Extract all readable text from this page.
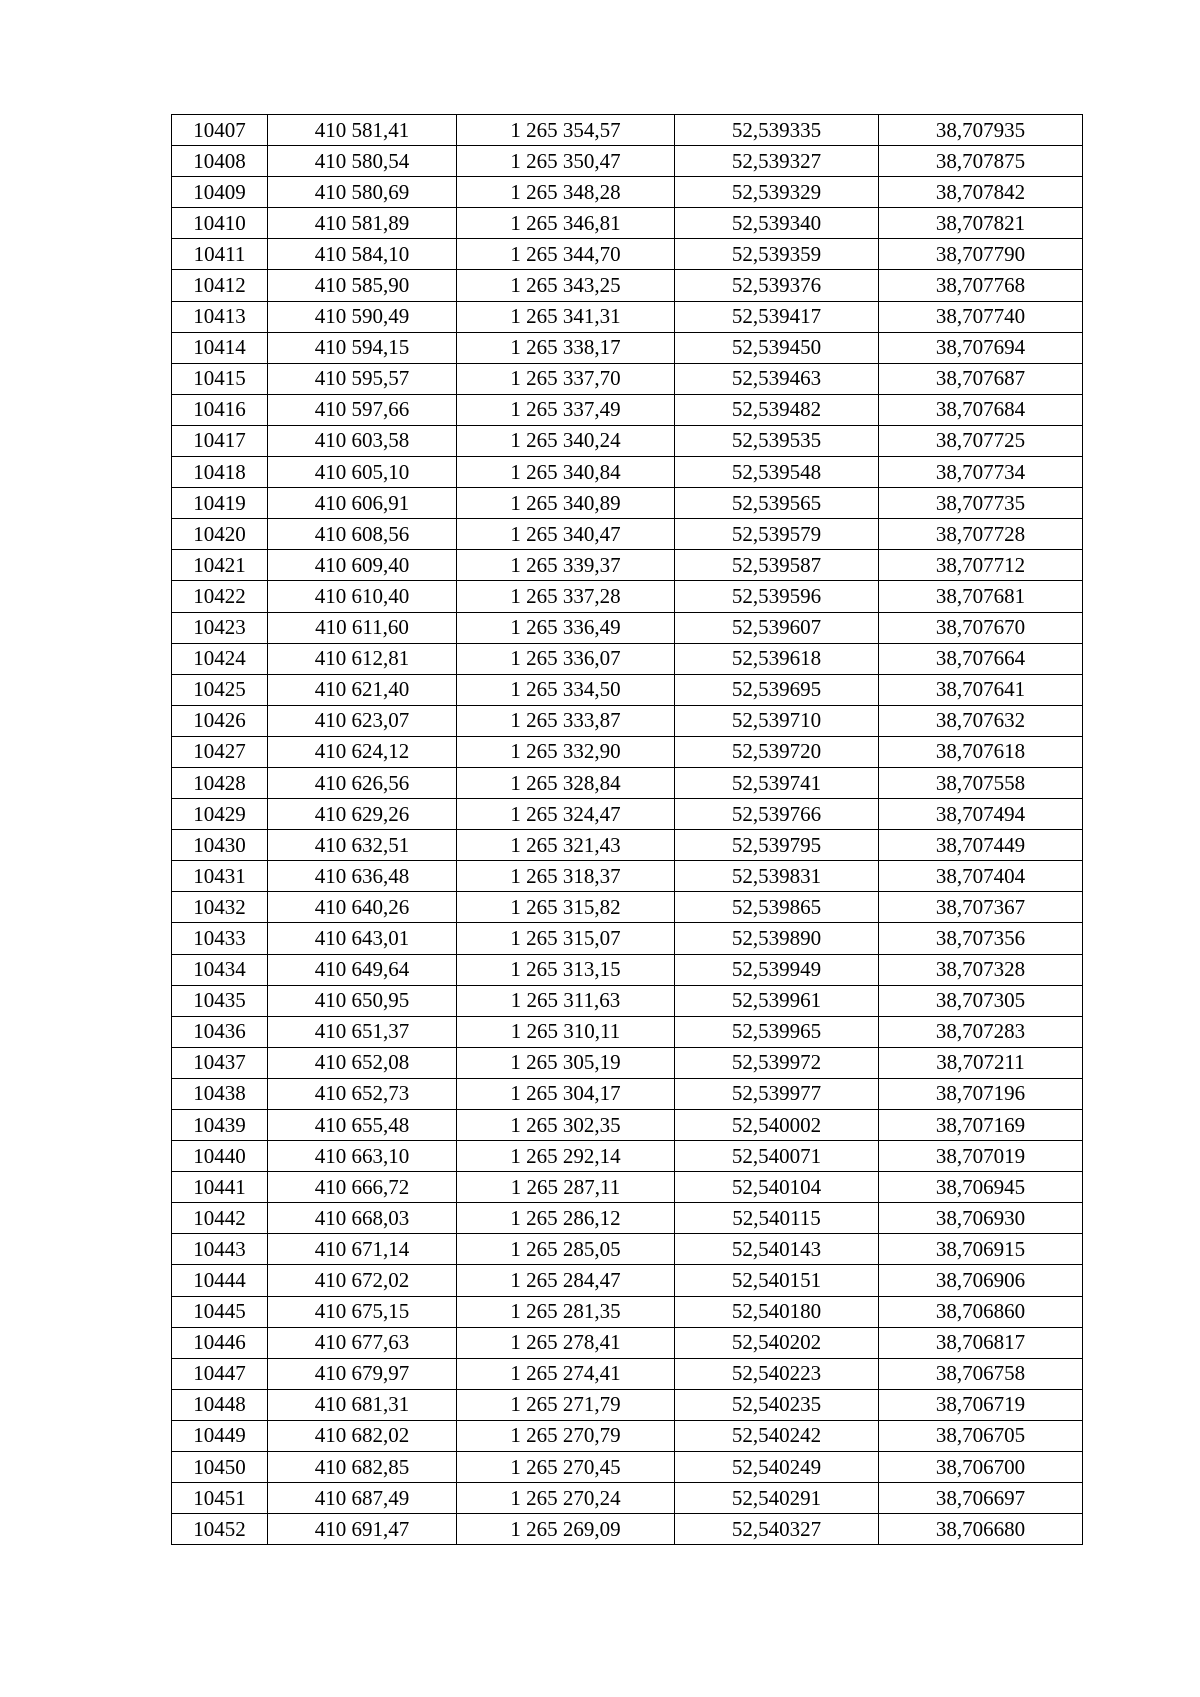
10407	410 581,41	1 265 354,57	52,539335	38,707935
10408	410 580,54	1 265 350,47	52,539327	38,707875
10409	410 580,69	1 265 348,28	52,539329	38,707842
10410	410 581,89	1 265 346,81	52,539340	38,707821
10411	410 584,10	1 265 344,70	52,539359	38,707790
10412	410 585,90	1 265 343,25	52,539376	38,707768
10413	410 590,49	1 265 341,31	52,539417	38,707740
10414	410 594,15	1 265 338,17	52,539450	38,707694
10415	410 595,57	1 265 337,70	52,539463	38,707687
10416	410 597,66	1 265 337,49	52,539482	38,707684
10417	410 603,58	1 265 340,24	52,539535	38,707725
10418	410 605,10	1 265 340,84	52,539548	38,707734
10419	410 606,91	1 265 340,89	52,539565	38,707735
10420	410 608,56	1 265 340,47	52,539579	38,707728
10421	410 609,40	1 265 339,37	52,539587	38,707712
10422	410 610,40	1 265 337,28	52,539596	38,707681
10423	410 611,60	1 265 336,49	52,539607	38,707670
10424	410 612,81	1 265 336,07	52,539618	38,707664
10425	410 621,40	1 265 334,50	52,539695	38,707641
10426	410 623,07	1 265 333,87	52,539710	38,707632
10427	410 624,12	1 265 332,90	52,539720	38,707618
10428	410 626,56	1 265 328,84	52,539741	38,707558
10429	410 629,26	1 265 324,47	52,539766	38,707494
10430	410 632,51	1 265 321,43	52,539795	38,707449
10431	410 636,48	1 265 318,37	52,539831	38,707404
10432	410 640,26	1 265 315,82	52,539865	38,707367
10433	410 643,01	1 265 315,07	52,539890	38,707356
10434	410 649,64	1 265 313,15	52,539949	38,707328
10435	410 650,95	1 265 311,63	52,539961	38,707305
10436	410 651,37	1 265 310,11	52,539965	38,707283
10437	410 652,08	1 265 305,19	52,539972	38,707211
10438	410 652,73	1 265 304,17	52,539977	38,707196
10439	410 655,48	1 265 302,35	52,540002	38,707169
10440	410 663,10	1 265 292,14	52,540071	38,707019
10441	410 666,72	1 265 287,11	52,540104	38,706945
10442	410 668,03	1 265 286,12	52,540115	38,706930
10443	410 671,14	1 265 285,05	52,540143	38,706915
10444	410 672,02	1 265 284,47	52,540151	38,706906
10445	410 675,15	1 265 281,35	52,540180	38,706860
10446	410 677,63	1 265 278,41	52,540202	38,706817
10447	410 679,97	1 265 274,41	52,540223	38,706758
10448	410 681,31	1 265 271,79	52,540235	38,706719
10449	410 682,02	1 265 270,79	52,540242	38,706705
10450	410 682,85	1 265 270,45	52,540249	38,706700
10451	410 687,49	1 265 270,24	52,540291	38,706697
10452	410 691,47	1 265 269,09	52,540327	38,706680
